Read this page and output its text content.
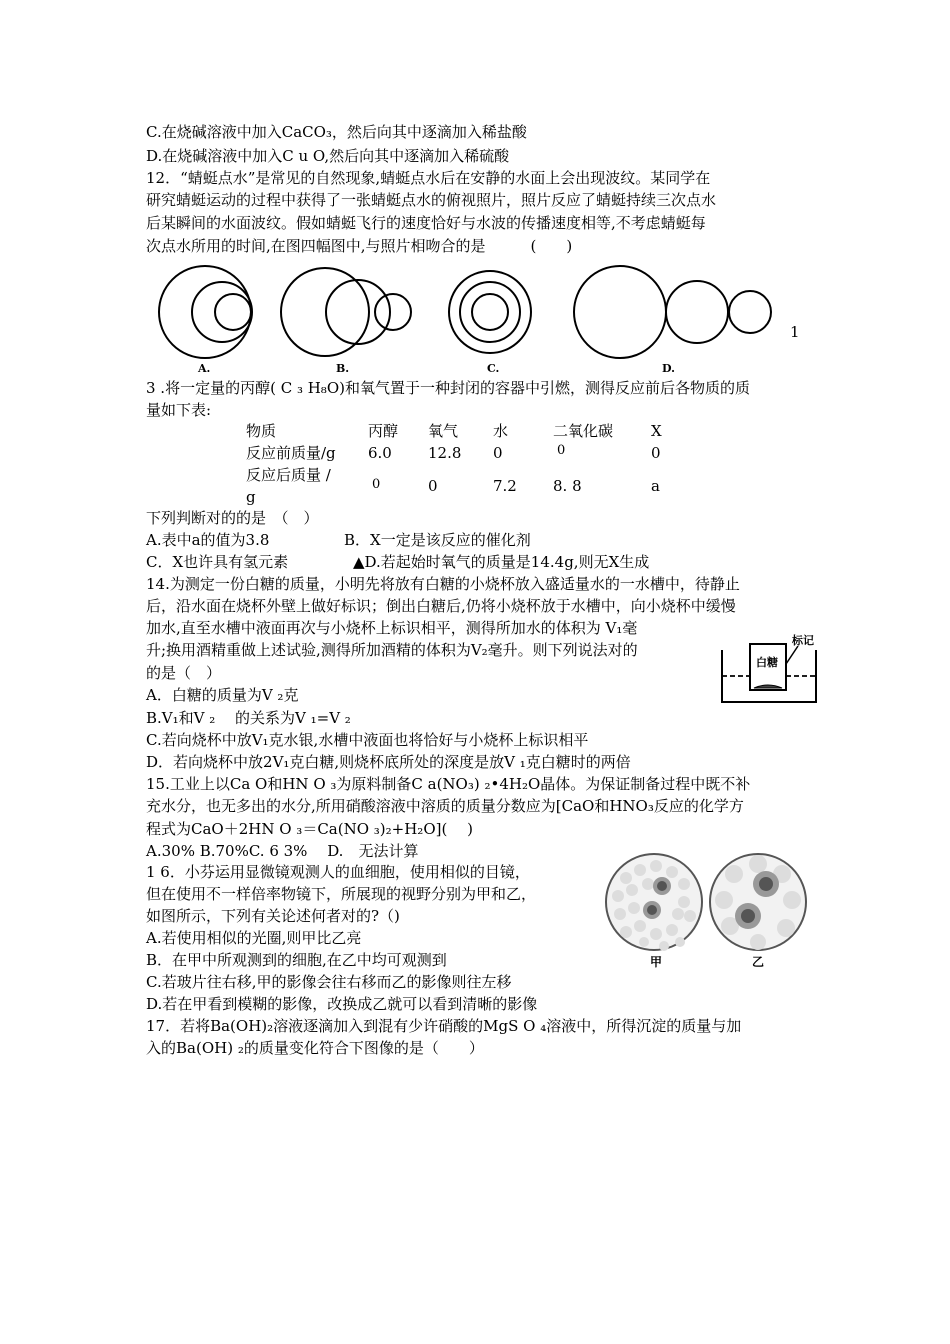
C.在烧碱溶液中加入CaCO₃，然后向其中逐滴加入稀盐酸
D.在烧碱溶液中加入C u O,然后向其中逐滴加入稀硫酸
12．“蜻蜓点水”是常见的自然现象,蜻蜓点水后在安静的水面上会出现波纹。某同学在
研究蜻蜓运动的过程中获得了一张蜻蜓点水的俯视照片，照片反应了蜻蜓持续三次点水
后某瞬间的水面波纹。假如蜻蜓飞行的速度恰好与水波的传播速度相等,不考虑蜻蜓每
次点水所用的时间,在图四幅图中,与照片相吻合的是　　　(　　)
A.	B.	C.	D.
1
3 .将一定量的丙醇( C ₃ H₈O)和氧气置于一种封闭的容器中引燃，测得反应前后各物质的质
量如下表:
物质	丙醇 氧气 水	二氧化碳	X
反应前质量/g 6.0 12.8 0	0	0
反应后质量 /
g
0	0	7.2 8. 8	a
下列判断对的的是　（　）
A.表中a的值为3.8	B．X一定是该反应的催化剂
C．X也许具有氢元素	▲D.若起始时氧气的质量是14.4g,则无X生成
14.为测定一份白糖的质量，小明先将放有白糖的小烧杯放入盛适量水的一水槽中，待静止
后，沿水面在烧杯外壁上做好标识；倒出白糖后,仍将小烧杯放于水槽中，向小烧杯中缓慢
加水,直至水槽中液面再次与小烧杯上标识相平，测得所加水的体积为 V₁毫
升;换用酒精重做上述试验,测得所加酒精的体积为V₂毫升。则下列说法对的
的是（　）
标记
白糖
A．白糖的质量为V ₂克
B.V₁和V ₂　 的关系为V ₁=V ₂
C.若向烧杯中放V₁克水银,水槽中液面也将恰好与小烧杯上标识相平
D．若向烧杯中放2V₁克白糖,则烧杯底所处的深度是放V ₁克白糖时的两倍
15.工业上以Ca O和HN O ₃为原料制备C a(NO₃) ₂•4H₂O晶体。为保证制备过程中既不补
充水分，也无多出的水分,所用硝酸溶液中溶质的质量分数应为[CaO和HNO₃反应的化学方
程式为CaO＋2HN O ₃＝Ca(NO ₃)₂+H₂O](　 )
A.30% B.70%C. 6 3%　 D.　无法计算
1 6．小芬运用显微镜观测人的血细胞，使用相似的目镜，
但在使用不一样倍率物镜下，所展现的视野分别为甲和乙，
如图所示，下列有关论述何者对的?（)
A.若使用相似的光圈,则甲比乙亮
B．在甲中所观测到的细胞,在乙中均可观测到
C.若玻片往右移,甲的影像会往右移而乙的影像则往左移
D.若在甲看到模糊的影像，改换成乙就可以看到清晰的影像
甲	乙
17．若将Ba(OH)₂溶液逐滴加入到混有少许硝酸的MgS O ₄溶液中，所得沉淀的质量与加
入的Ba(OH) ₂的质量变化符合下图像的是（　　）
